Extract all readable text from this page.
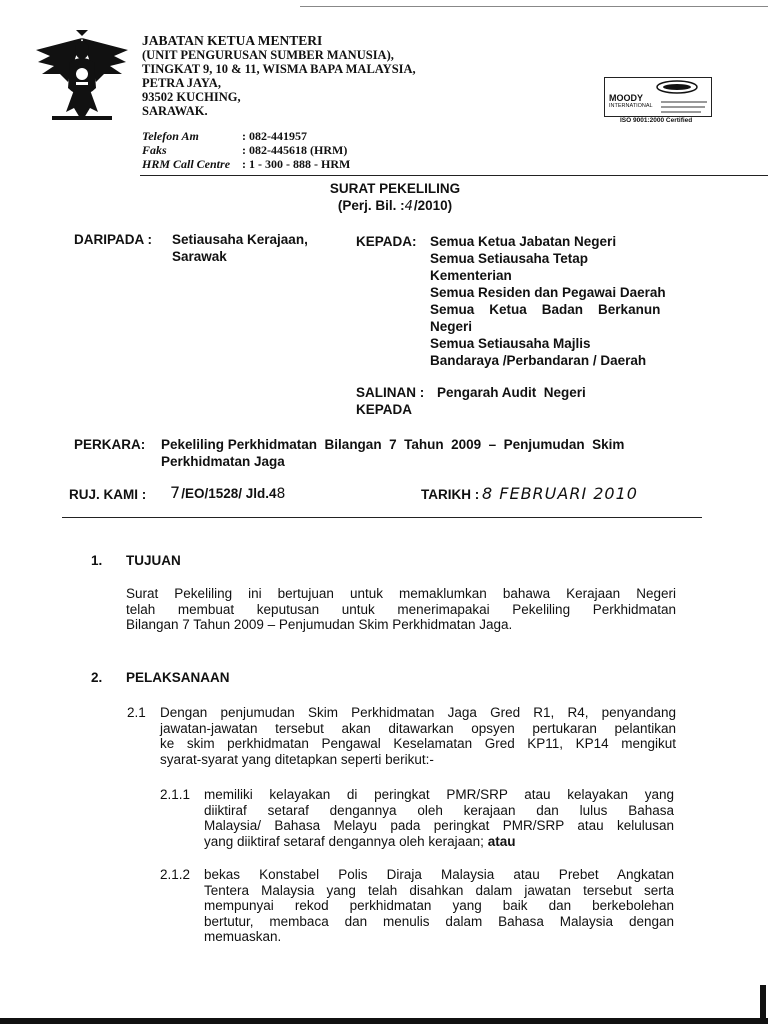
JABATAN KETUA MENTERI
(UNIT PENGURUSAN SUMBER MANUSIA),
TINGKAT 9, 10 & 11, WISMA BAPA MALAYSIA,
PETRA JAYA,
93502 KUCHING,
SARAWAK.
Telefon Am	: 082-441957
Faks	: 082-445618 (HRM)
HRM Call Centre : 1 - 300 - 888 - HRM
MOODY
INTERNATIONAL
ISO 9001:2000 Certified
SURAT PEKELILING
(Perj. Bil. :4/2010)
DARIPADA : Setiausaha Kerajaan,
Sarawak
KEPADA: Semua Ketua Jabatan Negeri
Semua Setiausaha Tetap
Kementerian
Semua Residen dan Pegawai Daerah
Semua    Ketua    Badan    Berkanun
Negeri
Semua Setiausaha Majlis
Bandaraya /Perbandaran / Daerah
SALINAN : Pengarah Audit  Negeri
KEPADA
PERKARA: Pekeliling Perkhidmatan  Bilangan  7  Tahun  2009  –  Penjumudan  Skim
Perkhidmatan Jaga
RUJ. KAMI : 7/EO/1528/ Jld.48	TARIKH : 8 FEBRUARI 2010
1. TUJUAN

Surat Pekeliling ini bertujuan untuk memaklumkan bahawa Kerajaan Negeri

telah membuat keputusan untuk menerimapakai Pekeliling Perkhidmatan

Bilangan 7 Tahun 2009 – Penjumudan Skim Perkhidmatan Jaga.

2. PELAKSANAAN
2.1 Dengan penjumudan Skim Perkhidmatan Jaga Gred R1, R4, penyandang

jawatan-jawatan tersebut akan ditawarkan opsyen pertukaran pelantikan

ke skim perkhidmatan Pengawal Keselamatan Gred KP11, KP14 mengikut

syarat-syarat yang ditetapkan seperti berikut:-

2.1.1 memiliki  kelayakan  di  peringkat  PMR/SRP  atau  kelayakan  yang

diiktiraf  setaraf  dengannya  oleh  kerajaan  dan  lulus  Bahasa

Malaysia/ Bahasa Melayu pada peringkat PMR/SRP atau kelulusan

yang diiktiraf setaraf dengannya oleh kerajaan; atau

2.1.2 bekas  Konstabel  Polis  Diraja  Malaysia  atau  Prebet  Angkatan

Tentera Malaysia yang telah disahkan dalam jawatan tersebut serta

mempunyai  rekod  perkhidmatan  yang  baik  dan  berkebolehan

bertutur,  membaca  dan  menulis  dalam  Bahasa  Malaysia  dengan

memuaskan.
